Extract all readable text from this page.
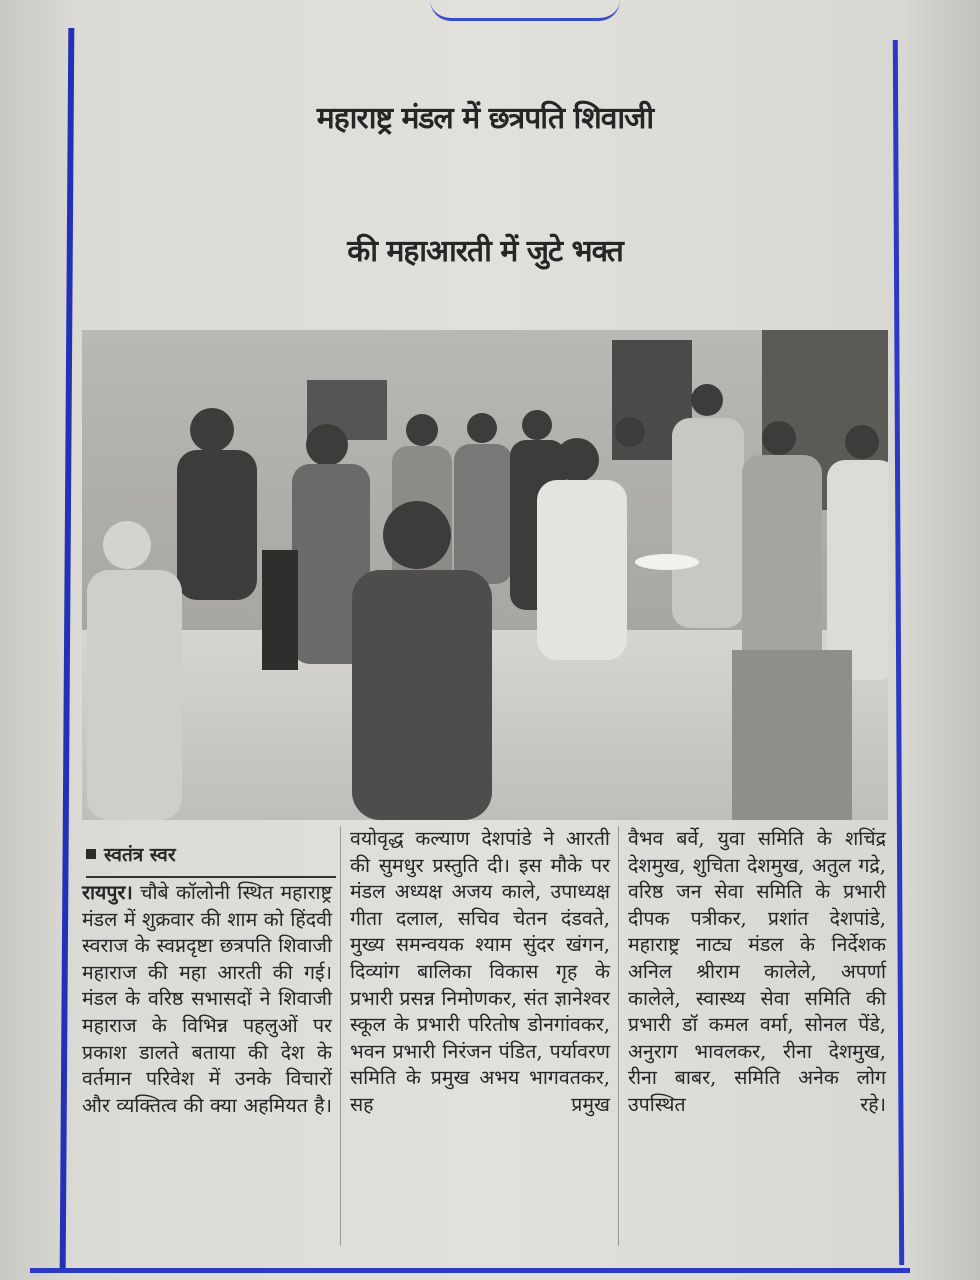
महाराष्ट्र मंडल में छत्रपति शिवाजी
की महाआरती में जुटे भक्त
स्वतंत्र स्वर
रायपुर। चौबे कॉलोनी स्थित महाराष्ट्र मंडल में शुक्रवार की शाम को हिंदवी स्वराज के स्वप्नदृष्टा छत्रपति शिवाजी महाराज की महा आरती की गई। मंडल के वरिष्ठ सभासदों ने शिवाजी महाराज के विभिन्न पहलुओं पर प्रकाश डालते बताया की देश के वर्तमान परिवेश में उनके विचारों और व्यक्तित्व की क्या अहमियत है।
वयोवृद्ध कल्याण देशपांडे ने आरती की सुमधुर प्रस्तुति दी। इस मौके पर मंडल अध्यक्ष अजय काले, उपाध्यक्ष गीता दलाल, सचिव चेतन दंडवते, मुख्य समन्वयक श्याम सुंदर खंगन, दिव्यांग बालिका विकास गृह के प्रभारी प्रसन्न निमोणकर, संत ज्ञानेश्वर स्कूल के प्रभारी परितोष डोनगांवकर, भवन प्रभारी निरंजन पंडित, पर्यावरण समिति के प्रमुख अभय भागवतकर, सह प्रमुख
वैभव बर्वे, युवा समिति के शचिंद्र देशमुख, शुचिता देशमुख, अतुल गद्रे, वरिष्ठ जन सेवा समिति के प्रभारी दीपक पत्रीकर, प्रशांत देशपांडे, महाराष्ट्र नाट्य मंडल के निर्देशक अनिल श्रीराम कालेले, अपर्णा कालेले, स्वास्थ्य सेवा समिति की प्रभारी डॉ कमल वर्मा, सोनल पेंडे, अनुराग भावलकर, रीना देशमुख, रीना बाबर, समिति अनेक लोग उपस्थित रहे।
